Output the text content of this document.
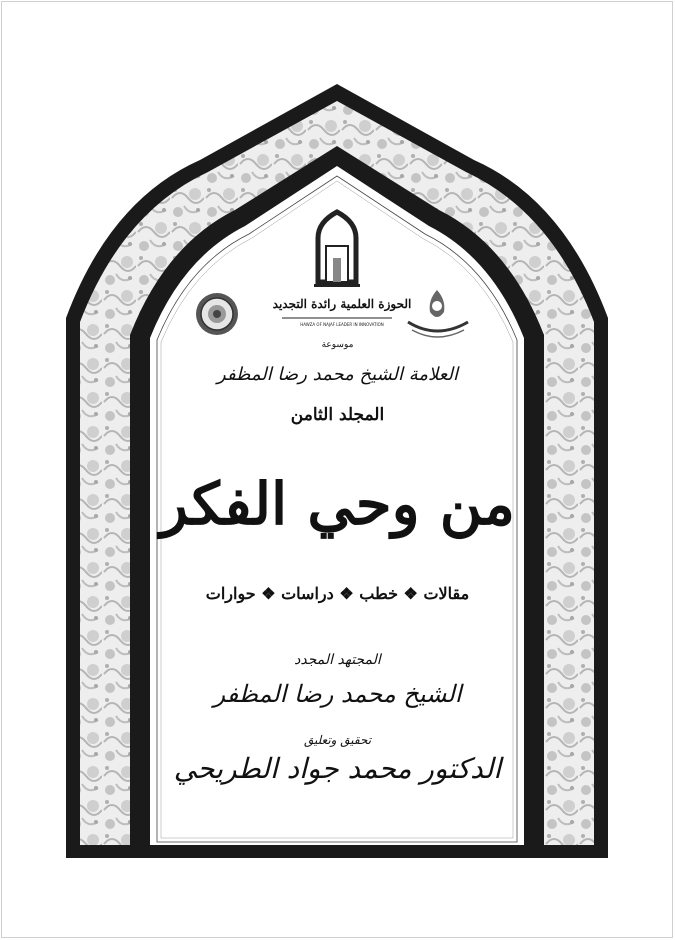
الحوزة العلمية رائدة التجديد
HAWZA OF NAJAF LEADER IN INNOVATION
موسوعة
العلامة الشيخ محمد رضا المظفر
المجلد الثامن
من وحي الفكر
مقالات ❖ خطب ❖ دراسات ❖ حوارات
المجتهد المجدد
الشيخ محمد رضا المظفر
تحقيق وتعليق
الدكتور محمد جواد الطريحي
